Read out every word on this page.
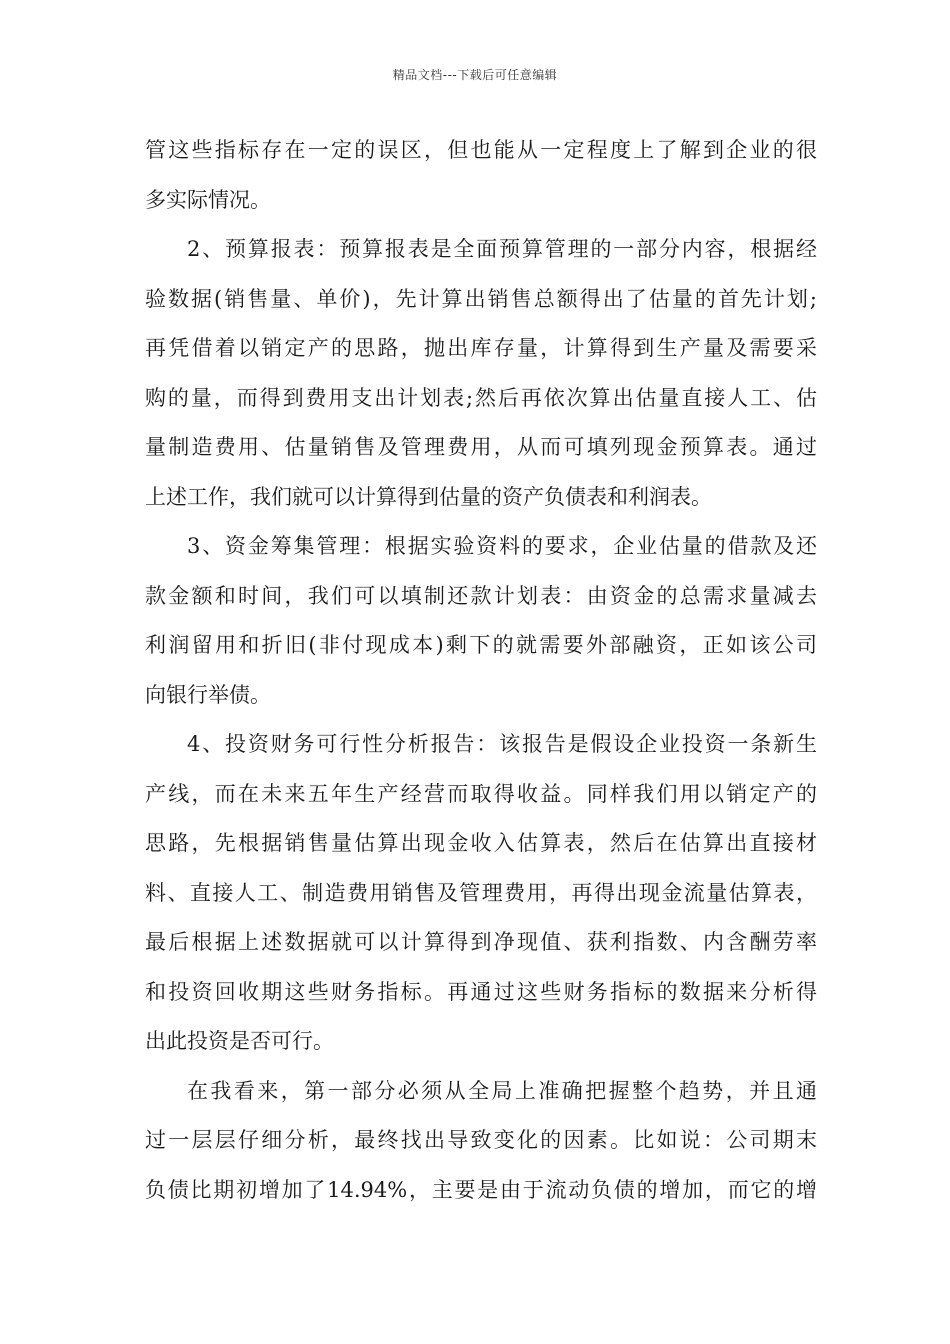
精品文档---下载后可任意编辑
管这些指标存在一定的误区，但也能从一定程度上了解到企业的很
多实际情况。
2、预算报表：预算报表是全面预算管理的一部分内容，根据经
验数据(销售量、单价)，先计算出销售总额得出了估量的首先计划;
再凭借着以销定产的思路，抛出库存量，计算得到生产量及需要采
购的量，而得到费用支出计划表;然后再依次算出估量直接人工、估
量制造费用、估量销售及管理费用，从而可填列现金预算表。通过
上述工作，我们就可以计算得到估量的资产负债表和利润表。
3、资金筹集管理：根据实验资料的要求，企业估量的借款及还
款金额和时间，我们可以填制还款计划表：由资金的总需求量减去
利润留用和折旧(非付现成本)剩下的就需要外部融资，正如该公司
向银行举债。
4、投资财务可行性分析报告：该报告是假设企业投资一条新生
产线，而在未来五年生产经营而取得收益。同样我们用以销定产的
思路，先根据销售量估算出现金收入估算表，然后在估算出直接材
料、直接人工、制造费用销售及管理费用，再得出现金流量估算表，
最后根据上述数据就可以计算得到净现值、获利指数、内含酬劳率
和投资回收期这些财务指标。再通过这些财务指标的数据来分析得
出此投资是否可行。
在我看来，第一部分必须从全局上准确把握整个趋势，并且通
过一层层仔细分析，最终找出导致变化的因素。比如说：公司期末
负债比期初增加了14.94%，主要是由于流动负债的增加，而它的增
